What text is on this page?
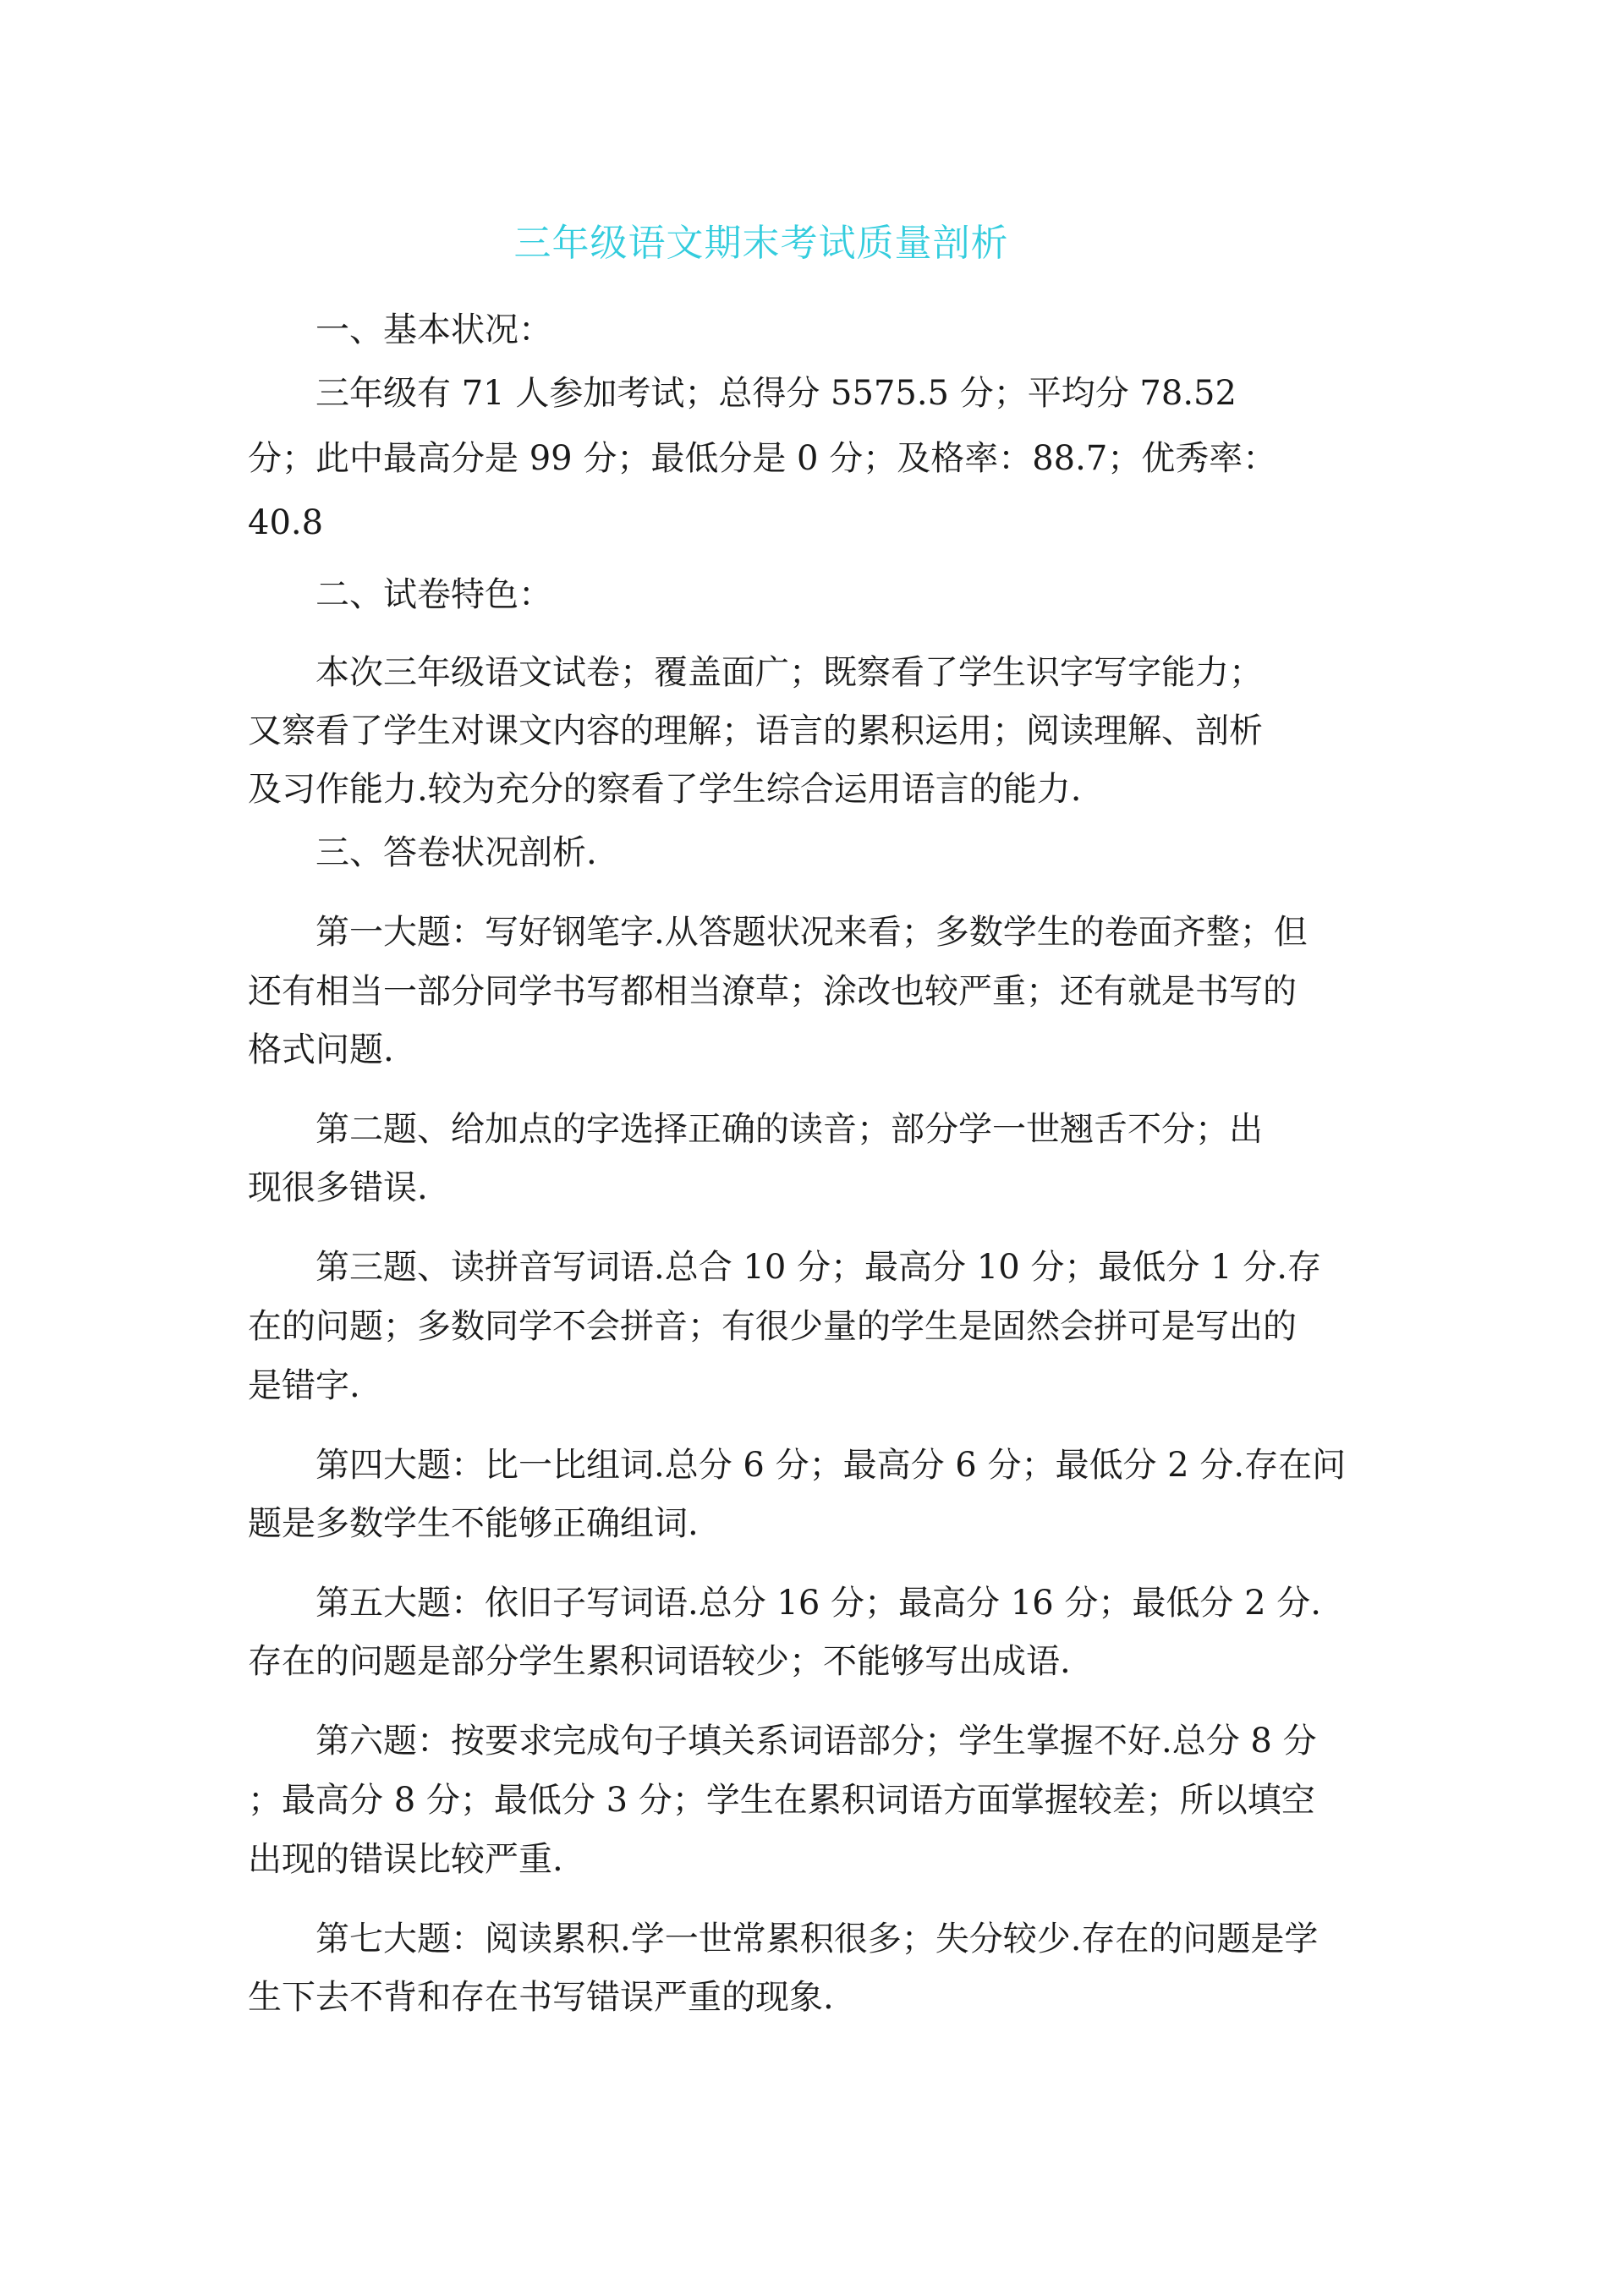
三年级语文期末考试质量剖析

一、基本状况：

三年级有 71 人参加考试；总得分 5575.5 分；平均分 78.52

分；此中最高分是 99 分；最低分是 0 分；及格率：88.7；优秀率：

40.8

二、试卷特色：

本次三年级语文试卷；覆盖面广；既察看了学生识字写字能力；

又察看了学生对课文内容的理解；语言的累积运用；阅读理解、剖析

及习作能力.较为充分的察看了学生综合运用语言的能力.

三、答卷状况剖析.

第一大题：写好钢笔字.从答题状况来看；多数学生的卷面齐整；但

还有相当一部分同学书写都相当潦草；涂改也较严重；还有就是书写的

格式问题.

第二题、给加点的字选择正确的读音；部分学一世翘舌不分；出

现很多错误.

第三题、读拼音写词语.总合 10 分；最高分 10 分；最低分 1 分.存

在的问题；多数同学不会拼音；有很少量的学生是固然会拼可是写出的

是错字.

第四大题：比一比组词.总分 6 分；最高分 6 分；最低分 2 分.存在问

题是多数学生不能够正确组词.

第五大题：依旧子写词语.总分 16 分；最高分 16 分；最低分 2 分.

存在的问题是部分学生累积词语较少；不能够写出成语.

第六题：按要求完成句子填关系词语部分；学生掌握不好.总分 8 分

；最高分 8 分；最低分 3 分；学生在累积词语方面掌握较差；所以填空

出现的错误比较严重.

第七大题：阅读累积.学一世常累积很多；失分较少.存在的问题是学

生下去不背和存在书写错误严重的现象.
